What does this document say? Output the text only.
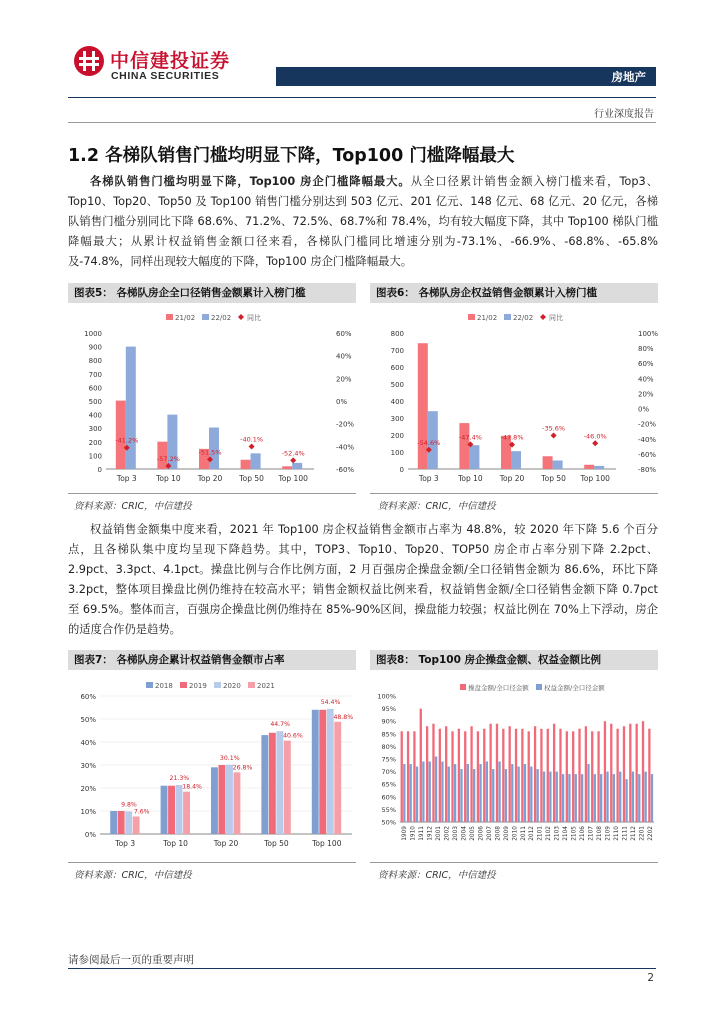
中信建投证券
CHINA SECURITIES	房地产
行业深度报告
1.2 各梯队销售门槛均明显下降，Top100 门槛降幅最大
各梯队销售门槛均明显下降，Top100 房企门槛降幅最大。从全口径累计销售金额入榜门槛来看，Top3、Top10、Top20、Top50 及 Top100 销售门槛分别达到 503 亿元、201 亿元、148 亿元、68 亿元、20 亿元，各梯队销售门槛分别同比下降 68.6%、71.2%、72.5%、68.7%和 78.4%，均有较大幅度下降，其中 Top100 梯队门槛降幅最大；从累计权益销售金额口径来看，各梯队门槛同比增速分别为-73.1%、-66.9%、-68.8%、-65.8%及-74.8%，同样出现较大幅度的下降，Top100 房企门槛降幅最大。
图表5： 各梯队房企全口径销售金额累计入榜门槛	图表6： 各梯队房企权益销售金额累计入榜门槛
21/02 22/02 同比
0
100
200
300
400
500
600
700
800
900
1000
-60%
-40%
-20%
0%
20%
40%
60%
Top 3
-41.2%
Top 10
-57.2%
Top 20
-51.5%
Top 50
-40.1%
Top 100
-52.4%
21/02 22/02 同比
0
100
200
300
400
500
600
700
800
-80%
-60%
-40%
-20%
0%
20%
40%
60%
80%
100%
Top 3
-54.6%
Top 10
-47.4%
Top 20
-47.8%
Top 50
-35.6%
Top 100
-46.0%
资料来源：CRIC，中信建投	资料来源：CRIC，中信建投
权益销售金额集中度来看，2021 年 Top100 房企权益销售金额市占率为 48.8%，较 2020 年下降 5.6 个百分点，且各梯队集中度均呈现下降趋势。其中，TOP3、Top10、Top20、TOP50 房企市占率分别下降 2.2pct、2.9pct、3.3pct、4.1pct。操盘比例与合作比例方面，2 月百强房企操盘金额/全口径销售金额为 86.6%，环比下降 3.2pct，整体项目操盘比例仍维持在较高水平；销售金额权益比例来看，权益销售金额/全口径销售金额下降 0.7pct 至 69.5%。整体而言，百强房企操盘比例仍维持在 85%-90%区间，操盘能力较强；权益比例在 70%上下浮动，房企的适度合作仍是趋势。
图表7： 各梯队房企累计权益销售金额市占率	图表8： Top100 房企操盘金额、权益金额比例
2018 2019 2020 2021
0%
10%
20%
30%
40%
50%
60%
9.8%
7.6%
Top 3
21.3%
18.4%
Top 10
30.1%
26.8%
Top 20
44.7%
40.6%
Top 50
54.4%
48.8%
Top 100
操盘金额/全口径金额 权益金额/全口径金额
50%
55%
60%
65%
70%
75%
80%
85%
90%
95%
100%
1909 1910 1911 1912 2001 2002 2003 2004 2005 2006 2007 2008 2009 2010 2011 2012 2101 2102 2103 2104 2105 2106 2107 2108 2109 2110 2111 2112 2201 2202
资料来源：CRIC，中信建投	资料来源：CRIC，中信建投
请参阅最后一页的重要声明
2
